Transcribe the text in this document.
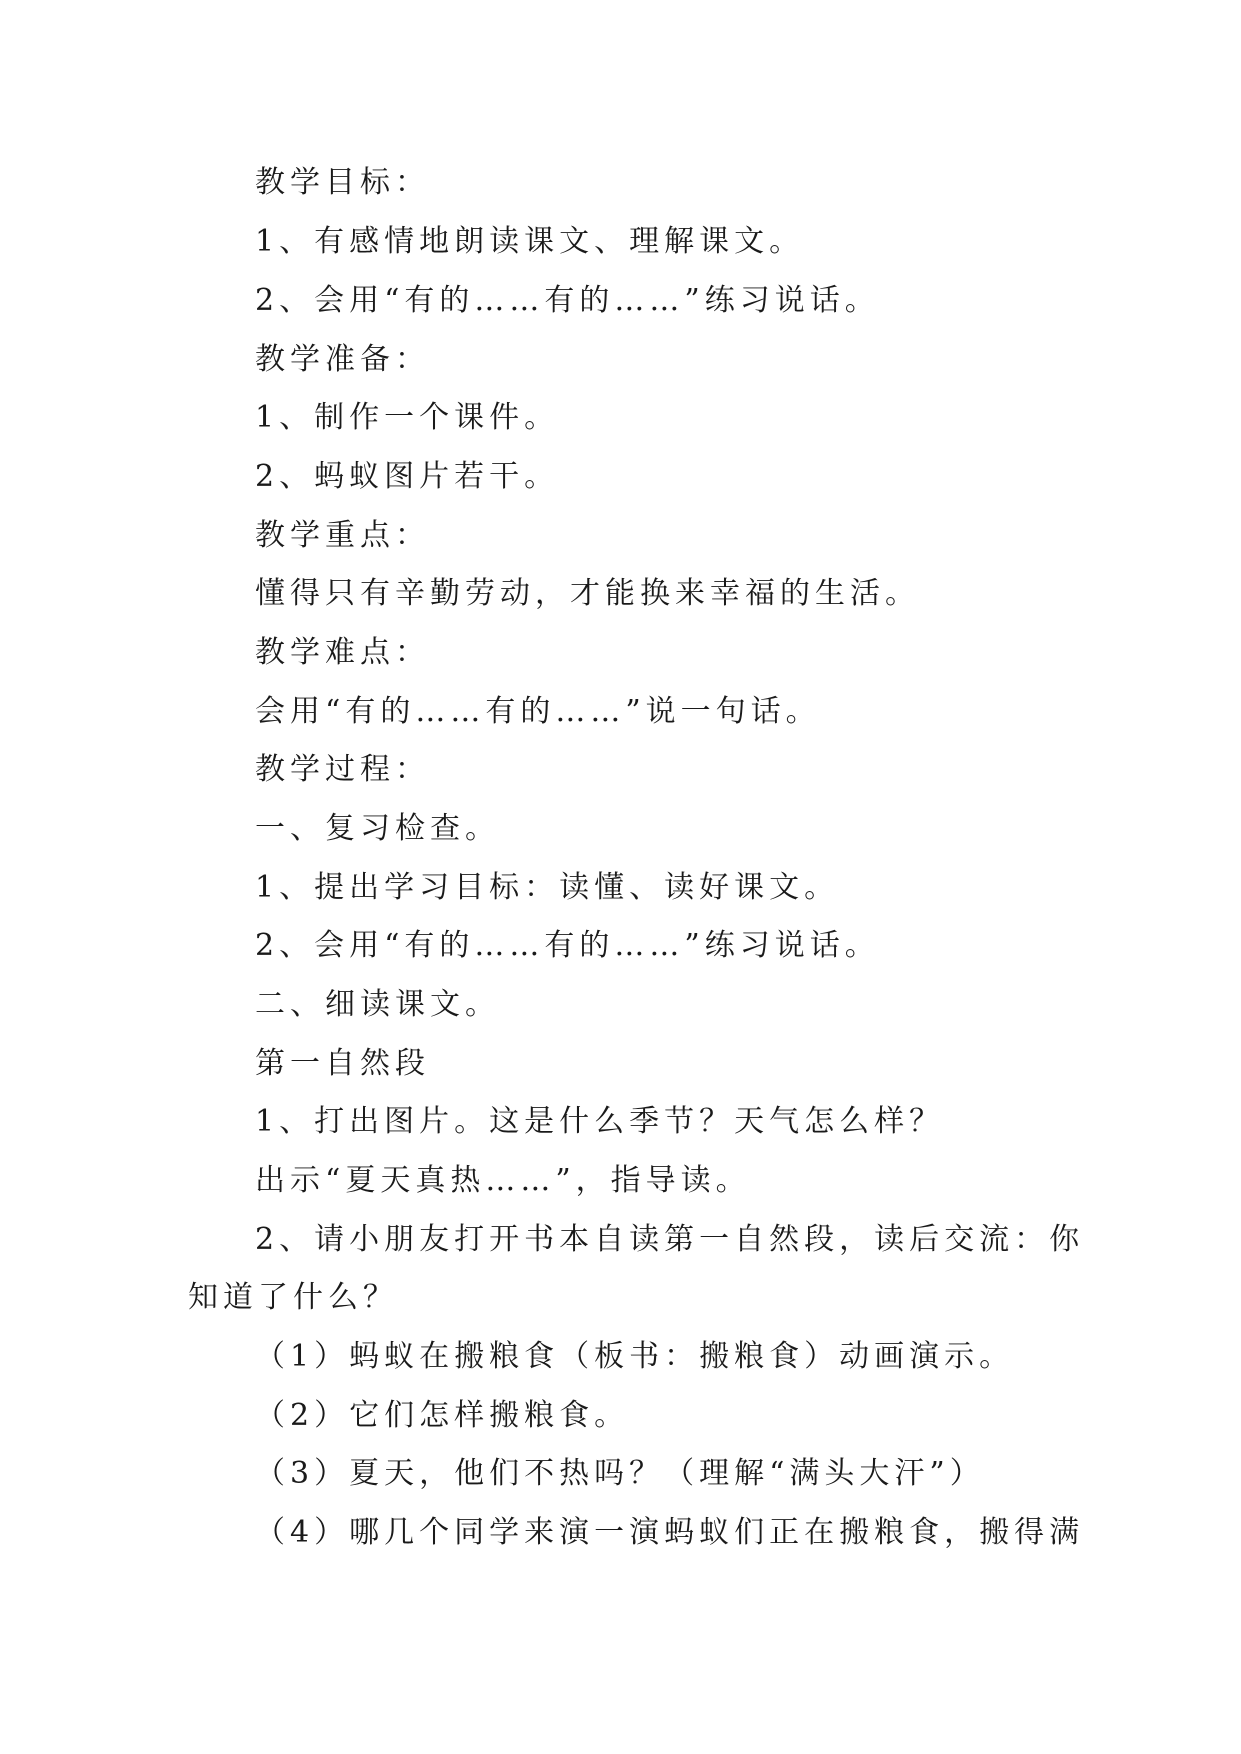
教学目标：
1、有感情地朗读课文、理解课文。
2、会用“有的……有的……”练习说话。
教学准备：
1、制作一个课件。
2、蚂蚁图片若干。
教学重点：
懂得只有辛勤劳动，才能换来幸福的生活。
教学难点：
会用“有的……有的……”说一句话。
教学过程：
一、复习检查。
1、提出学习目标：读懂、读好课文。
2、会用“有的……有的……”练习说话。
二、细读课文。
第一自然段
1、打出图片。这是什么季节？天气怎么样？
出示“夏天真热……”，指导读。
2、请小朋友打开书本自读第一自然段，读后交流：你
知道了什么？
（1）蚂蚁在搬粮食（板书：搬粮食）动画演示。
（2）它们怎样搬粮食。
（3）夏天，他们不热吗？（理解“满头大汗”）
（4）哪几个同学来演一演蚂蚁们正在搬粮食，搬得满
